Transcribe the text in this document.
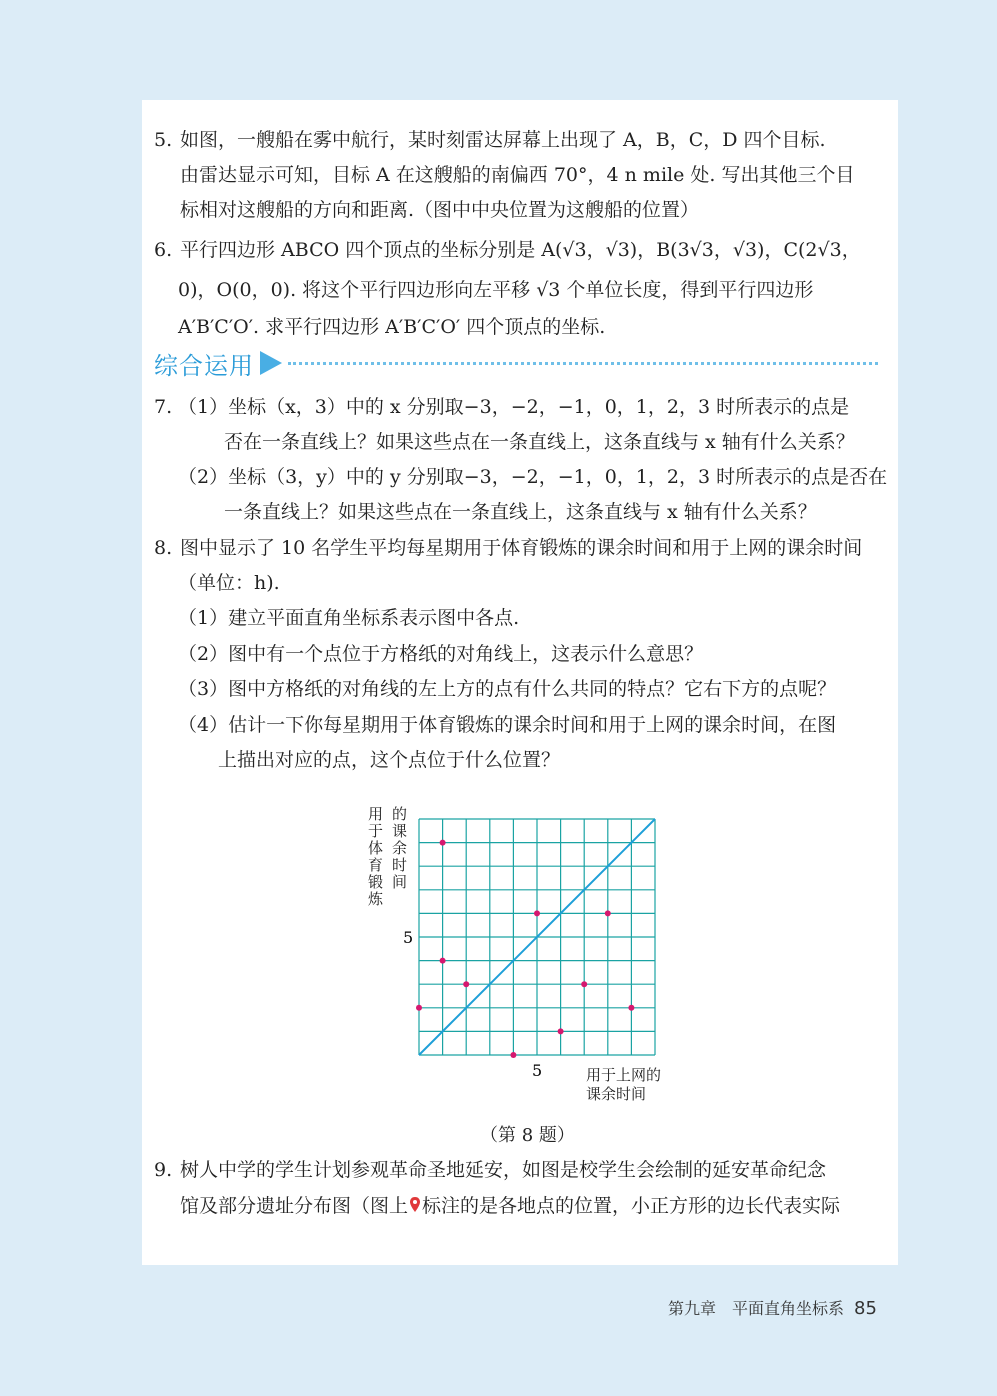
5. 如图，一艘船在雾中航行，某时刻雷达屏幕上出现了 A，B，C，D 四个目标.
由雷达显示可知，目标 A 在这艘船的南偏西 70°，4 n mile 处. 写出其他三个目
标相对这艘船的方向和距离.（图中中央位置为这艘船的位置）
6. 平行四边形 ABCO 四个顶点的坐标分别是 A(√3，√3)，B(3√3，√3)，C(2√3，
0)，O(0，0). 将这个平行四边形向左平移 √3 个单位长度，得到平行四边形
A′B′C′O′. 求平行四边形 A′B′C′O′ 四个顶点的坐标.
综合运用
7. （1）坐标（x，3）中的 x 分别取−3，−2，−1，0，1，2，3 时所表示的点是
否在一条直线上？如果这些点在一条直线上，这条直线与 x 轴有什么关系？
（2）坐标（3，y）中的 y 分别取−3，−2，−1，0，1，2，3 时所表示的点是否在
一条直线上？如果这些点在一条直线上，这条直线与 x 轴有什么关系？
8. 图中显示了 10 名学生平均每星期用于体育锻炼的课余时间和用于上网的课余时间
（单位：h).
（1）建立平面直角坐标系表示图中各点.
（2）图中有一个点位于方格纸的对角线上，这表示什么意思？
（3）图中方格纸的对角线的左上方的点有什么共同的特点？它右下方的点呢？
（4）估计一下你每星期用于体育锻炼的课余时间和用于上网的课余时间，在图
上描出对应的点，这个点位于什么位置？
5
5
用于体育锻炼
的课余时间
用于上网的
课余时间
（第 8 题）
9. 树人中学的学生计划参观革命圣地延安，如图是校学生会绘制的延安革命纪念
馆及部分遗址分布图（图上 标注的是各地点的位置，小正方形的边长代表实际
第九章　平面直角坐标系 85
